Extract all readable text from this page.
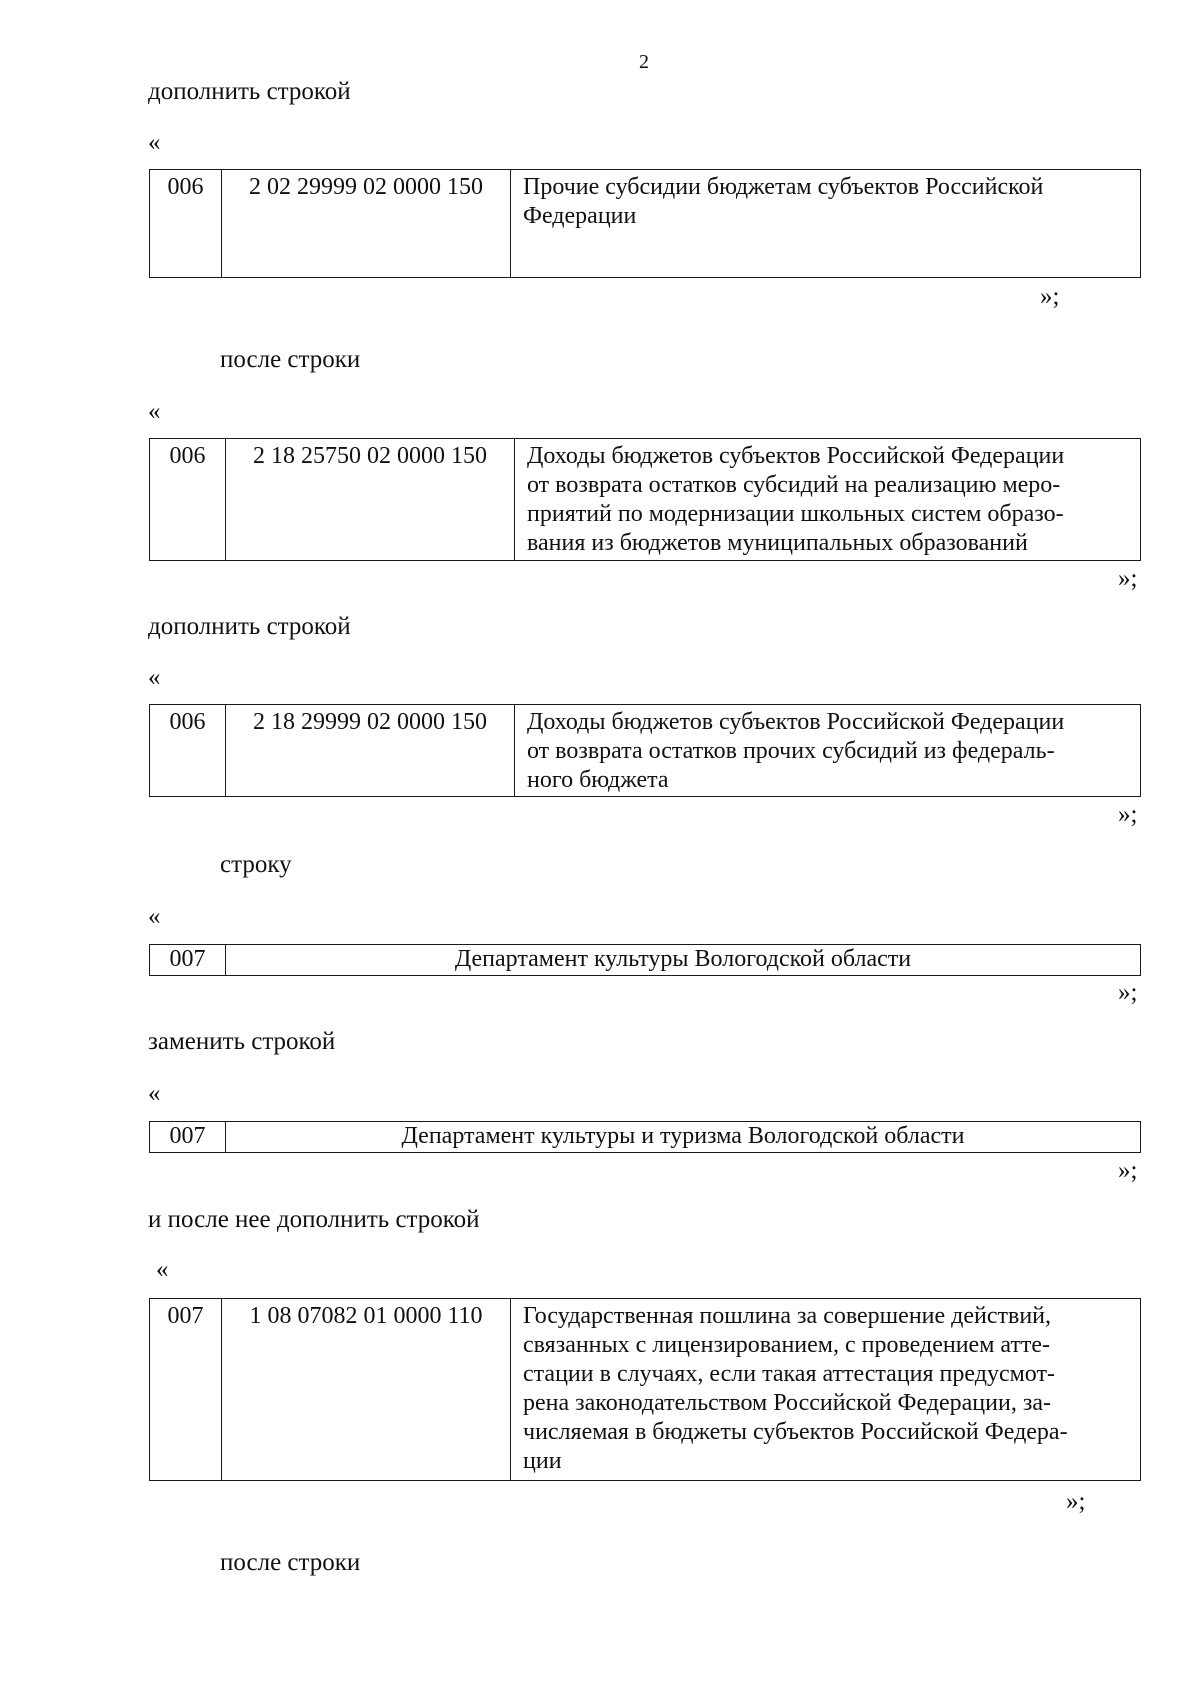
2
дополнить строкой
«
006	2 02 29999 02 0000 150	Прочие субсидии бюджетам субъектов Российской
Федерации
»;
после строки
«
006	2 18 25750 02 0000 150	Доходы бюджетов субъектов Российской Федерации
от возврата остатков субсидий на реализацию меро-
приятий по модернизации школьных систем образо-
вания из бюджетов муниципальных образований
»;
дополнить строкой
«
006	2 18 29999 02 0000 150	Доходы бюджетов субъектов Российской Федерации
от возврата остатков прочих субсидий из федераль-
ного бюджета
»;
строку
«
007	Департамент культуры Вологодской области
»;
заменить строкой
«
007	Департамент культуры и туризма Вологодской области
»;
и после нее дополнить строкой
«
007	1 08 07082 01 0000 110	Государственная пошлина за совершение действий,
связанных с лицензированием, с проведением атте-
стации в случаях, если такая аттестация предусмот-
рена законодательством Российской Федерации, за-
числяемая в бюджеты субъектов Российской Федера-
ции
»;
после строки
